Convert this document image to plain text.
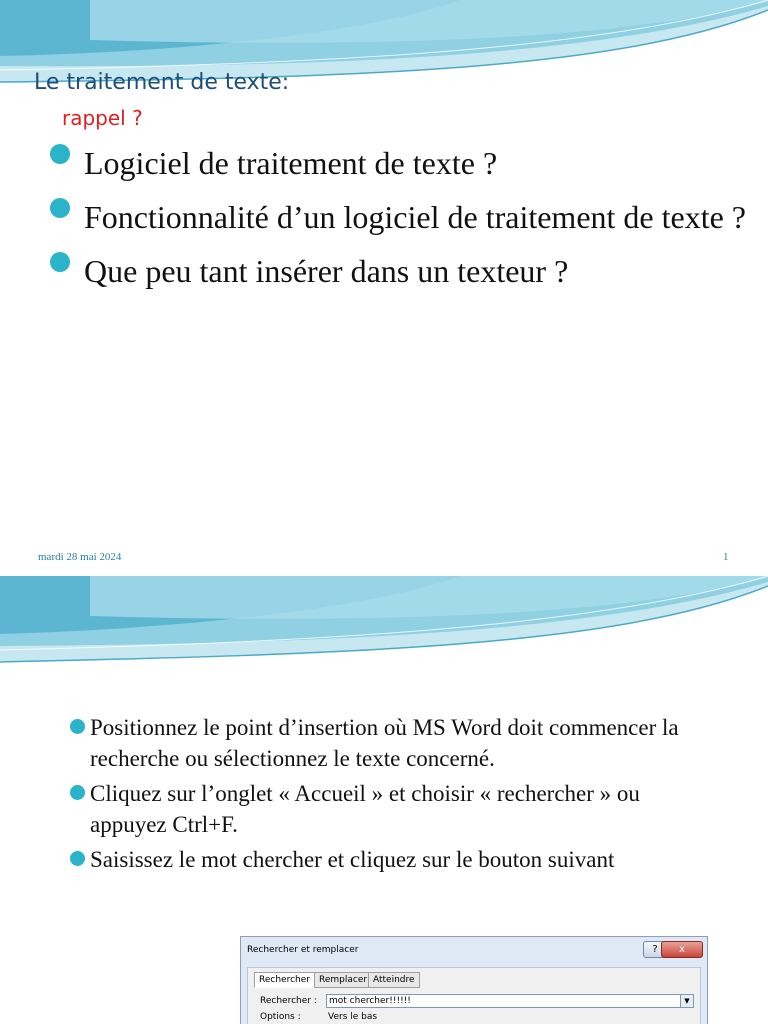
Le traitement de texte:
rappel ?
Logiciel de traitement de texte ?
Fonctionnalité d’un logiciel de traitement de texte ?
Que peu tant insérer dans un texteur ?
mardi 28 mai 2024	1
Positionnez le point d’insertion où MS Word doit commencer la recherche ou sélectionnez le texte concerné.
Cliquez sur l’onglet « Accueil » et choisir « rechercher » ou appuyez Ctrl+F.
Saisissez le mot chercher et cliquez sur le bouton suivant
Rechercher et remplacer	?	x
Rechercher	Remplacer Atteindre
Rechercher :	mot chercher!!!!!!	▼
Options :	Vers le bas
